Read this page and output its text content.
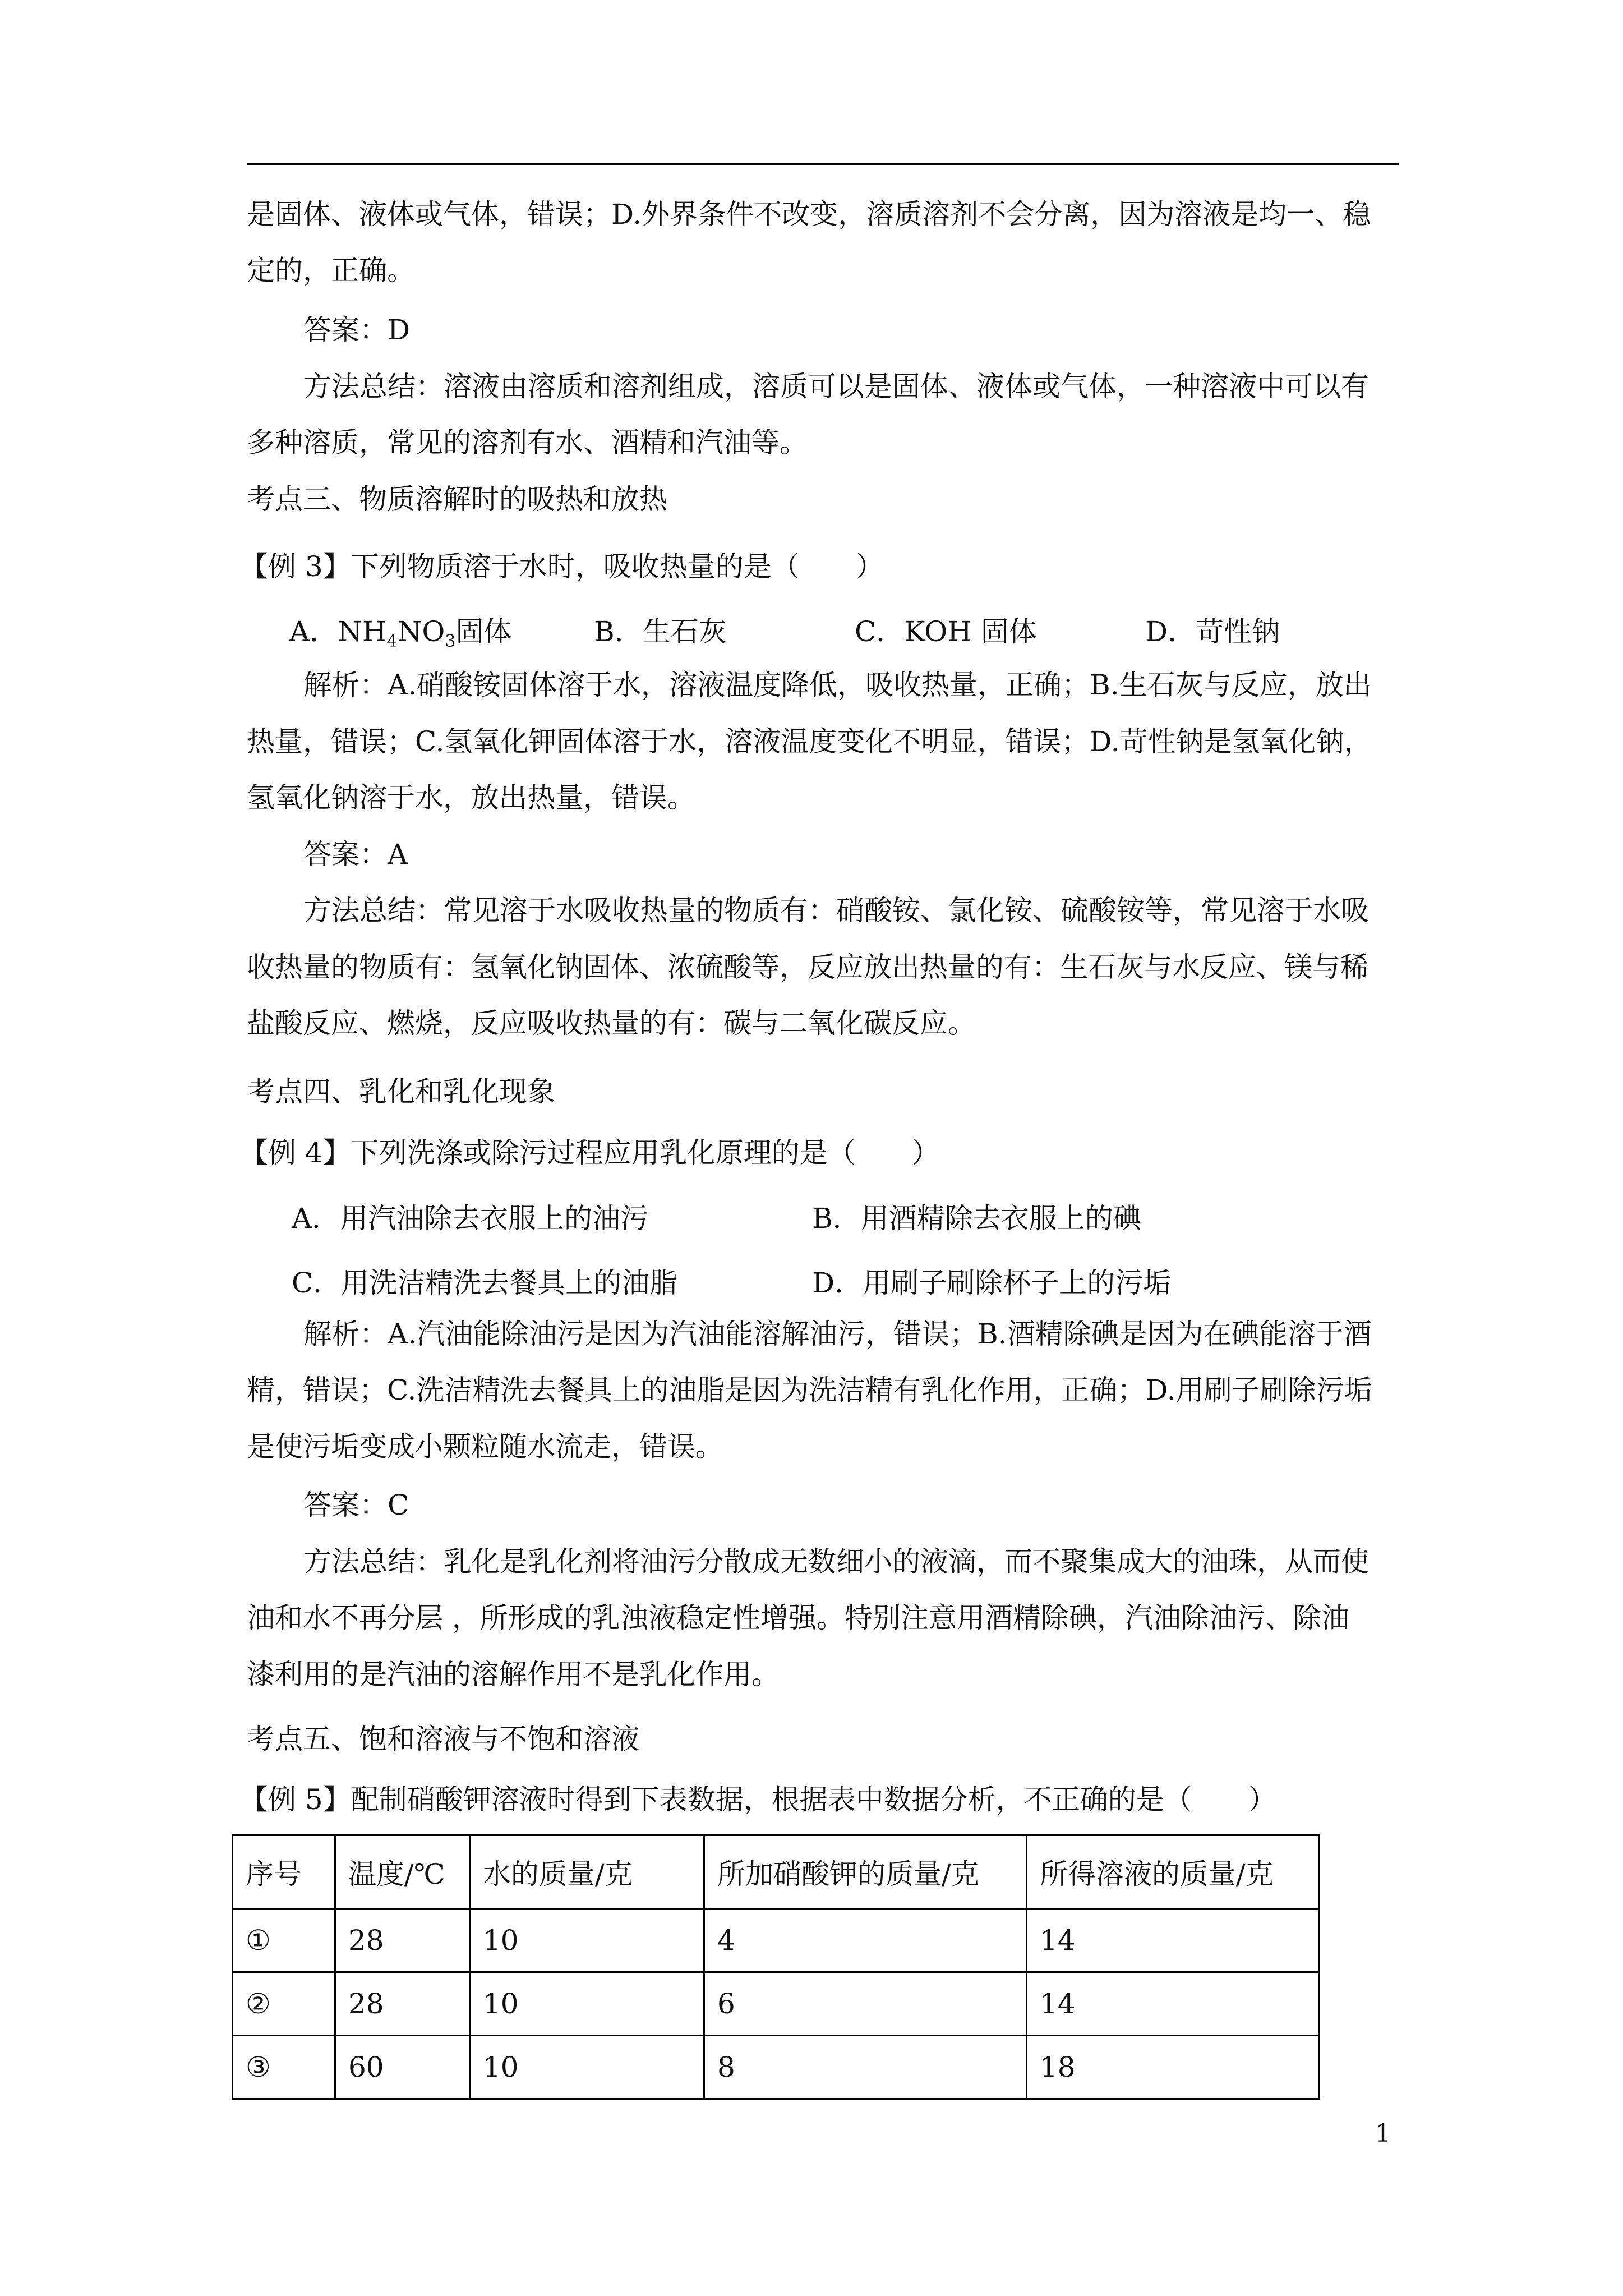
是固体、液体或气体，错误；D.外界条件不改变，溶质溶剂不会分离，因为溶液是均一、稳
定的，正确。
答案：D
方法总结：溶液由溶质和溶剂组成，溶质可以是固体、液体或气体，一种溶液中可以有
多种溶质，常见的溶剂有水、酒精和汽油等。
考点三、物质溶解时的吸热和放热
【例 3】下列物质溶于水时，吸收热量的是（　　）
A．$NH_4NO_3$固体	B．生石灰	C．KOH 固体	D．苛性钠
解析：A.硝酸铵固体溶于水，溶液温度降低，吸收热量，正确；B.生石灰与反应，放出
热量，错误；C.氢氧化钾固体溶于水，溶液温度变化不明显，错误；D.苛性钠是氢氧化钠，
氢氧化钠溶于水，放出热量，错误。
答案：A
方法总结：常见溶于水吸收热量的物质有：硝酸铵、氯化铵、硫酸铵等，常见溶于水吸
收热量的物质有：氢氧化钠固体、浓硫酸等，反应放出热量的有：生石灰与水反应、镁与稀
盐酸反应、燃烧，反应吸收热量的有：碳与二氧化碳反应。
考点四、乳化和乳化现象
【例 4】下列洗涤或除污过程应用乳化原理的是（　　）
A．用汽油除去衣服上的油污	B．用酒精除去衣服上的碘
C．用洗洁精洗去餐具上的油脂	D．用刷子刷除杯子上的污垢
解析：A.汽油能除油污是因为汽油能溶解油污，错误；B.酒精除碘是因为在碘能溶于酒
精，错误；C.洗洁精洗去餐具上的油脂是因为洗洁精有乳化作用，正确；D.用刷子刷除污垢
是使污垢变成小颗粒随水流走，错误。
答案：C
方法总结：乳化是乳化剂将油污分散成无数细小的液滴，而不聚集成大的油珠，从而使
油和水不再分层 ，所形成的乳浊液稳定性增强。特别注意用酒精除碘，汽油除油污、除油
漆利用的是汽油的溶解作用不是乳化作用。
考点五、饱和溶液与不饱和溶液
【例 5】配制硝酸钾溶液时得到下表数据，根据表中数据分析，不正确的是（　　）
序号	温度/℃	水的质量/克	所加硝酸钾的质量/克	所得溶液的质量/克
①	28	10	4	14
②	28	10	6	14
③	60	10	8	18
1
